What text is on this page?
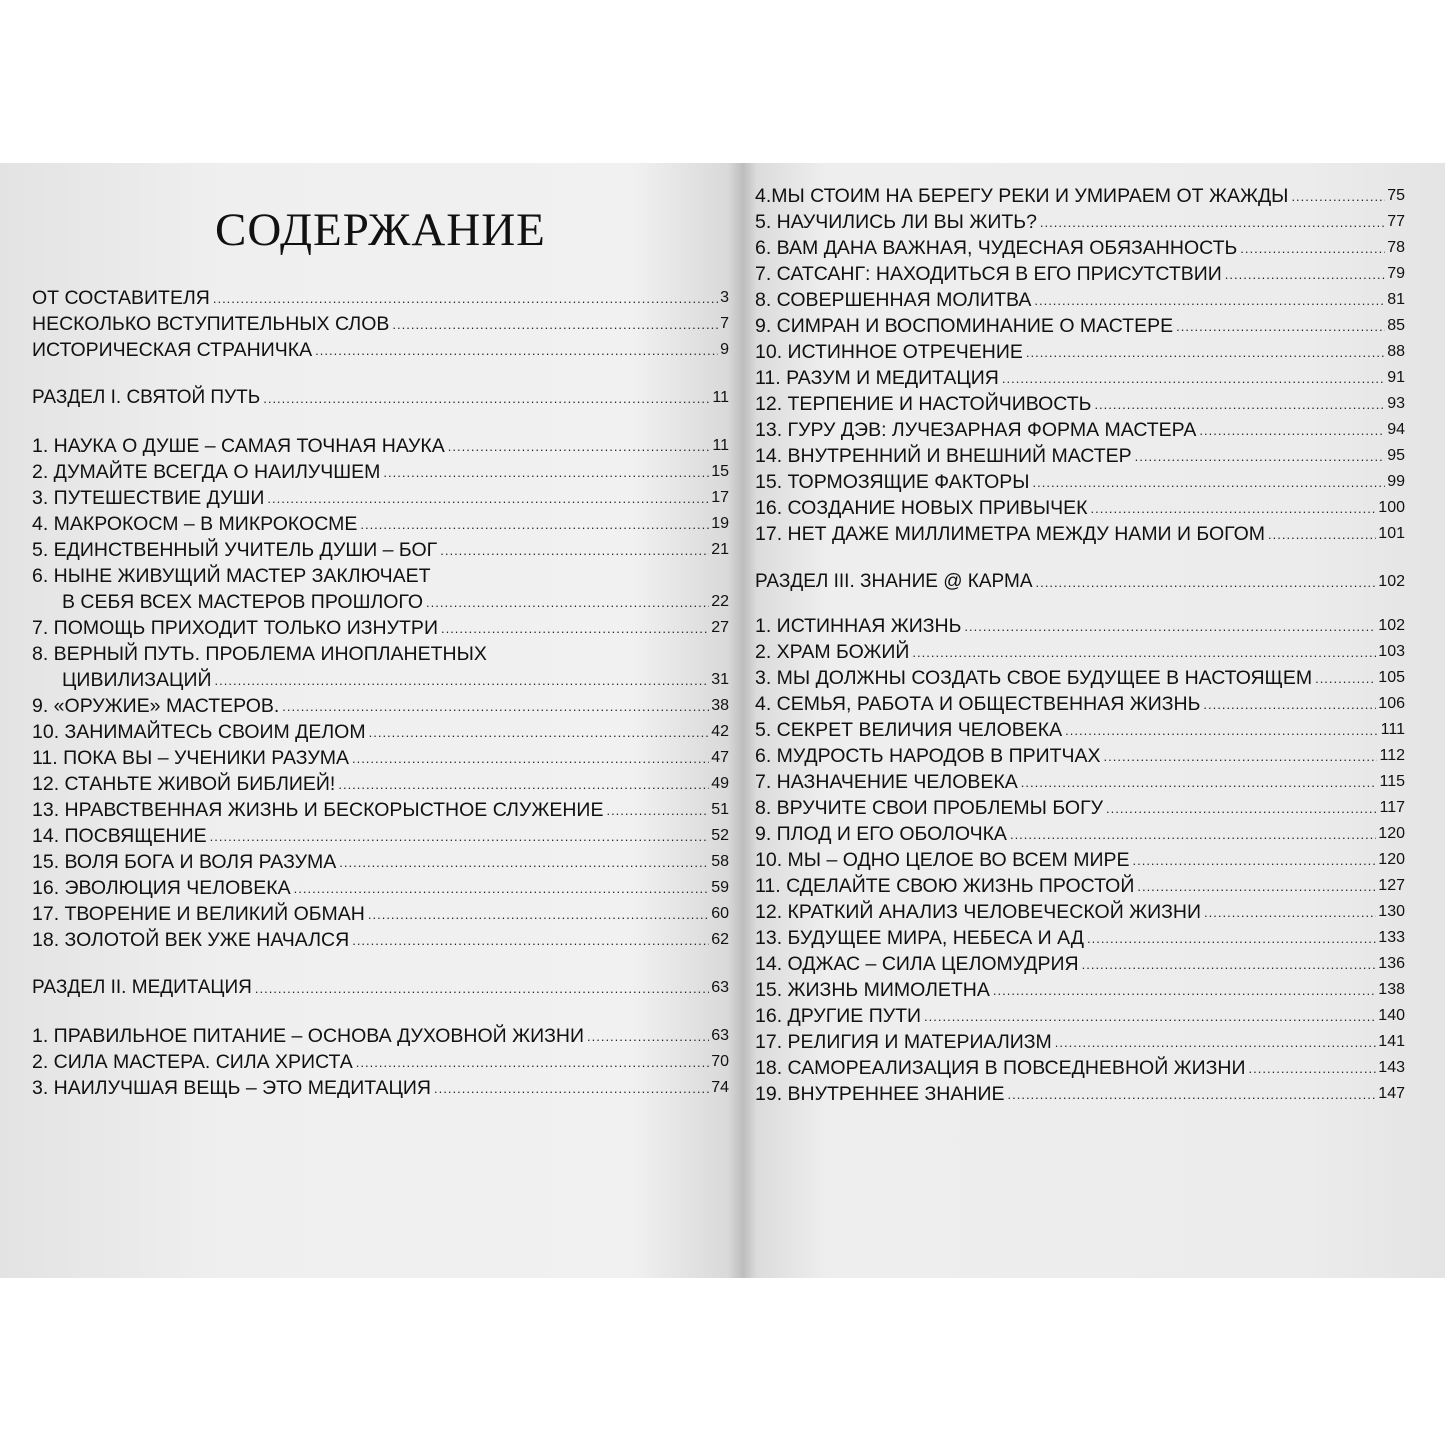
СОДЕРЖАНИЕ
ОТ СОСТАВИТЕЛЯ .....	3
НЕСКОЛЬКО ВСТУПИТЕЛЬНЫХ СЛОВ .....	7
ИСТОРИЧЕСКАЯ СТРАНИЧКА .....	9
РАЗДЕЛ I. СВЯТОЙ ПУТЬ .....	11
1. НАУКА О ДУШЕ – САМАЯ ТОЧНАЯ НАУКА .....	11
2. ДУМАЙТЕ ВСЕГДА О НАИЛУЧШЕМ .....	15
3. ПУТЕШЕСТВИЕ ДУШИ .....	17
4. МАКРОКОСМ – В МИКРОКОСМЕ .....	19
5. ЕДИНСТВЕННЫЙ УЧИТЕЛЬ ДУШИ – БОГ .....	21
6. НЫНЕ ЖИВУЩИЙ МАСТЕР ЗАКЛЮЧАЕТ
В СЕБЯ ВСЕХ МАСТЕРОВ ПРОШЛОГО .....	22
7. ПОМОЩЬ ПРИХОДИТ ТОЛЬКО ИЗНУТРИ .....	27
8. ВЕРНЫЙ ПУТЬ. ПРОБЛЕМА ИНОПЛАНЕТНЫХ
ЦИВИЛИЗАЦИЙ .....	31
9. «ОРУЖИЕ» МАСТЕРОВ. .....	38
10. ЗАНИМАЙТЕСЬ СВОИМ ДЕЛОМ .....	42
11. ПОКА ВЫ – УЧЕНИКИ РАЗУМА .....	47
12. СТАНЬТЕ ЖИВОЙ БИБЛИЕЙ! .....	49
13. НРАВСТВЕННАЯ ЖИЗНЬ И БЕСКОРЫСТНОЕ СЛУЖЕНИЕ .....	51
14. ПОСВЯЩЕНИЕ .....	52
15. ВОЛЯ БОГА И ВОЛЯ РАЗУМА .....	58
16. ЭВОЛЮЦИЯ ЧЕЛОВЕКА .....	59
17. ТВОРЕНИЕ И ВЕЛИКИЙ ОБМАН .....	60
18. ЗОЛОТОЙ ВЕК УЖЕ НАЧАЛСЯ .....	62
РАЗДЕЛ II. МЕДИТАЦИЯ .....	63
1. ПРАВИЛЬНОЕ ПИТАНИЕ – ОСНОВА ДУХОВНОЙ ЖИЗНИ .....	63
2. СИЛА МАСТЕРА. СИЛА ХРИСТА .....	70
3. НАИЛУЧШАЯ ВЕЩЬ – ЭТО МЕДИТАЦИЯ .....	74
4.МЫ СТОИМ НА БЕРЕГУ РЕКИ И УМИРАЕМ ОТ ЖАЖДЫ .....	75
5. НАУЧИЛИСЬ ЛИ ВЫ ЖИТЬ? .....	77
6. ВАМ ДАНА ВАЖНАЯ, ЧУДЕСНАЯ ОБЯЗАННОСТЬ .....	78
7. САТСАНГ: НАХОДИТЬСЯ В ЕГО ПРИСУТСТВИИ .....	79
8. СОВЕРШЕННАЯ МОЛИТВА .....	81
9. СИМРАН И ВОСПОМИНАНИЕ О МАСТЕРЕ .....	85
10. ИСТИННОЕ ОТРЕЧЕНИЕ .....	88
11. РАЗУМ И МЕДИТАЦИЯ .....	91
12. ТЕРПЕНИЕ И НАСТОЙЧИВОСТЬ .....	93
13. ГУРУ ДЭВ: ЛУЧЕЗАРНАЯ ФОРМА МАСТЕРА .....	94
14. ВНУТРЕННИЙ И ВНЕШНИЙ МАСТЕР .....	95
15. ТОРМОЗЯЩИЕ ФАКТОРЫ .....	99
16. СОЗДАНИЕ НОВЫХ ПРИВЫЧЕК .....	100
17. НЕТ ДАЖЕ МИЛЛИМЕТРА МЕЖДУ НАМИ И БОГОМ .....	101
РАЗДЕЛ III. ЗНАНИЕ @ КАРМА .....	102
1. ИСТИННАЯ ЖИЗНЬ .....	102
2. ХРАМ БОЖИЙ .....	103
3. МЫ ДОЛЖНЫ СОЗДАТЬ СВОЕ БУДУЩЕЕ В НАСТОЯЩЕМ .....	105
4. СЕМЬЯ, РАБОТА И ОБЩЕСТВЕННАЯ ЖИЗНЬ .....	106
5. СЕКРЕТ ВЕЛИЧИЯ ЧЕЛОВЕКА .....	111
6. МУДРОСТЬ НАРОДОВ В ПРИТЧАХ .....	112
7. НАЗНАЧЕНИЕ ЧЕЛОВЕКА .....	115
8. ВРУЧИТЕ СВОИ ПРОБЛЕМЫ БОГУ .....	117
9. ПЛОД И ЕГО ОБОЛОЧКА .....	120
10. МЫ – ОДНО ЦЕЛОЕ ВО ВСЕМ МИРЕ .....	120
11. СДЕЛАЙТЕ СВОЮ ЖИЗНЬ ПРОСТОЙ .....	127
12. КРАТКИЙ АНАЛИЗ ЧЕЛОВЕЧЕСКОЙ ЖИЗНИ .....	130
13. БУДУЩЕЕ МИРА, НЕБЕСА И АД .....	133
14. ОДЖАС – СИЛА ЦЕЛОМУДРИЯ .....	136
15. ЖИЗНЬ МИМОЛЕТНА .....	138
16. ДРУГИЕ ПУТИ .....	140
17. РЕЛИГИЯ И МАТЕРИАЛИЗМ .....	141
18. САМОРЕАЛИЗАЦИЯ В ПОВСЕДНЕВНОЙ ЖИЗНИ .....	143
19. ВНУТРЕННЕЕ ЗНАНИЕ .....	147
